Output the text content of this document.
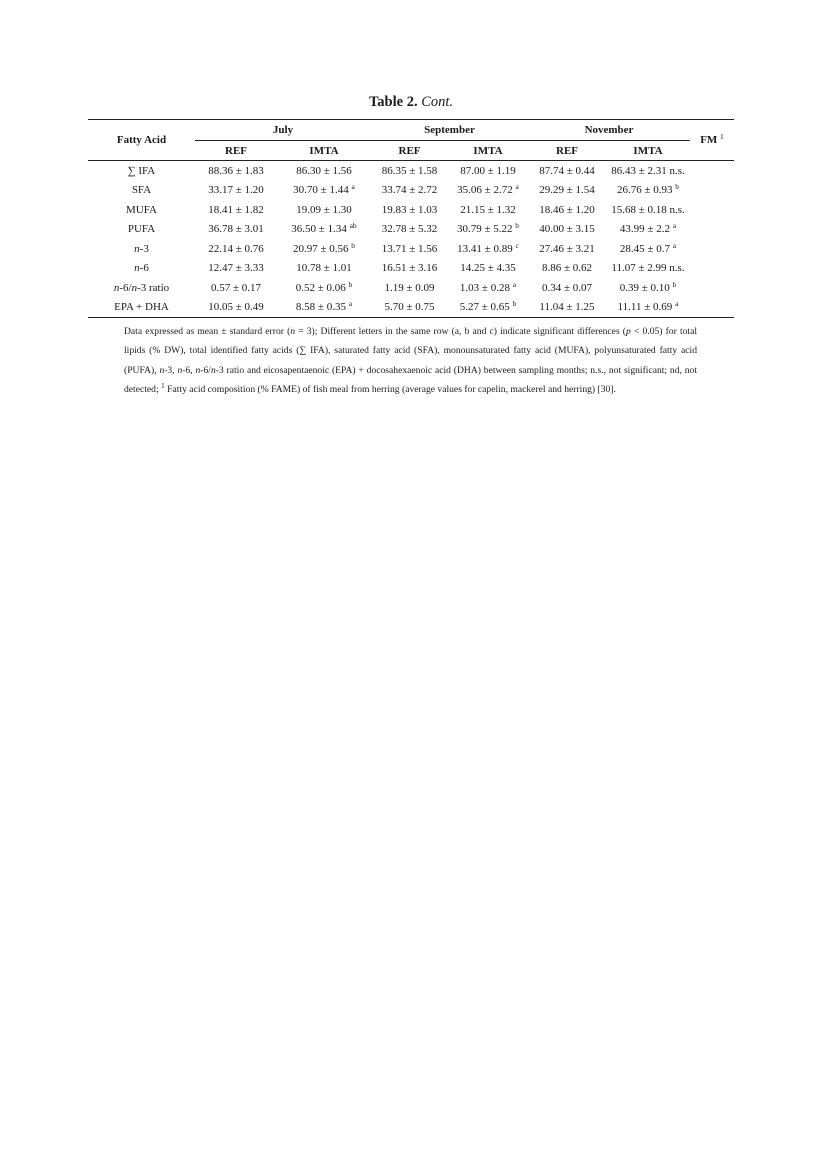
Table 2. Cont.
Fatty Acid	July		September		November		FM $^1$
	REF	IMTA	REF	IMTA	REF	IMTA	
∑ IFA	88.36 ± 1.83	86.30 ± 1.56	86.35 ± 1.58	87.00 ± 1.19	87.74 ± 0.44	86.43 ± 2.31 n.s.	
SFA	33.17 ± 1.20	30.70 ± 1.44 $^a$	33.74 ± 2.72	35.06 ± 2.72 $^a$	29.29 ± 1.54	26.76 ± 0.93 $^b$	
MUFA	18.41 ± 1.82	19.09 ± 1.30	19.83 ± 1.03	21.15 ± 1.32	18.46 ± 1.20	15.68 ± 0.18 n.s.	
PUFA	36.78 ± 3.01	36.50 ± 1.34 $^{ab}$	32.78 ± 5.32	30.79 ± 5.22 $^b$	40.00 ± 3.15	43.99 ± 2.2 $^a$	
n-3	22.14 ± 0.76	20.97 ± 0.56 $^b$	13.71 ± 1.56	13.41 ± 0.89 $^c$	27.46 ± 3.21	28.45 ± 0.7 $^a$	
n-6	12.47 ± 3.33	10.78 ± 1.01	16.51 ± 3.16	14.25 ± 4.35	8.86 ± 0.62	11.07 ± 2.99 n.s.	
n-6/n-3 ratio	0.57 ± 0.17	0.52 ± 0.06 $^b$	1.19 ± 0.09	1.03 ± 0.28 $^a$	0.34 ± 0.07	0.39 ± 0.10 $^b$	
EPA + DHA	10.05 ± 0.49	8.58 ± 0.35 $^a$	5.70 ± 0.75	5.27 ± 0.65 $^b$	11.04 ± 1.25	11.11 ± 0.69 $^a$	

Data expressed as mean ± standard error (n = 3); Different letters in the same row (a, b and c) indicate significant differences (p < 0.05) for total lipids (% DW), total identified fatty acids (∑ IFA), saturated fatty acid (SFA), monounsaturated fatty acid (MUFA), polyunsaturated fatty acid (PUFA), n-3, n-6, n-6/n-3 ratio and eicosapentaenoic (EPA) + docosahexaenoic acid (DHA) between sampling months; n.s., not significant; nd, not detected; $^1$ Fatty acid composition (% FAME) of fish meal from herring (average values for capelin, mackerel and herring) [30].
